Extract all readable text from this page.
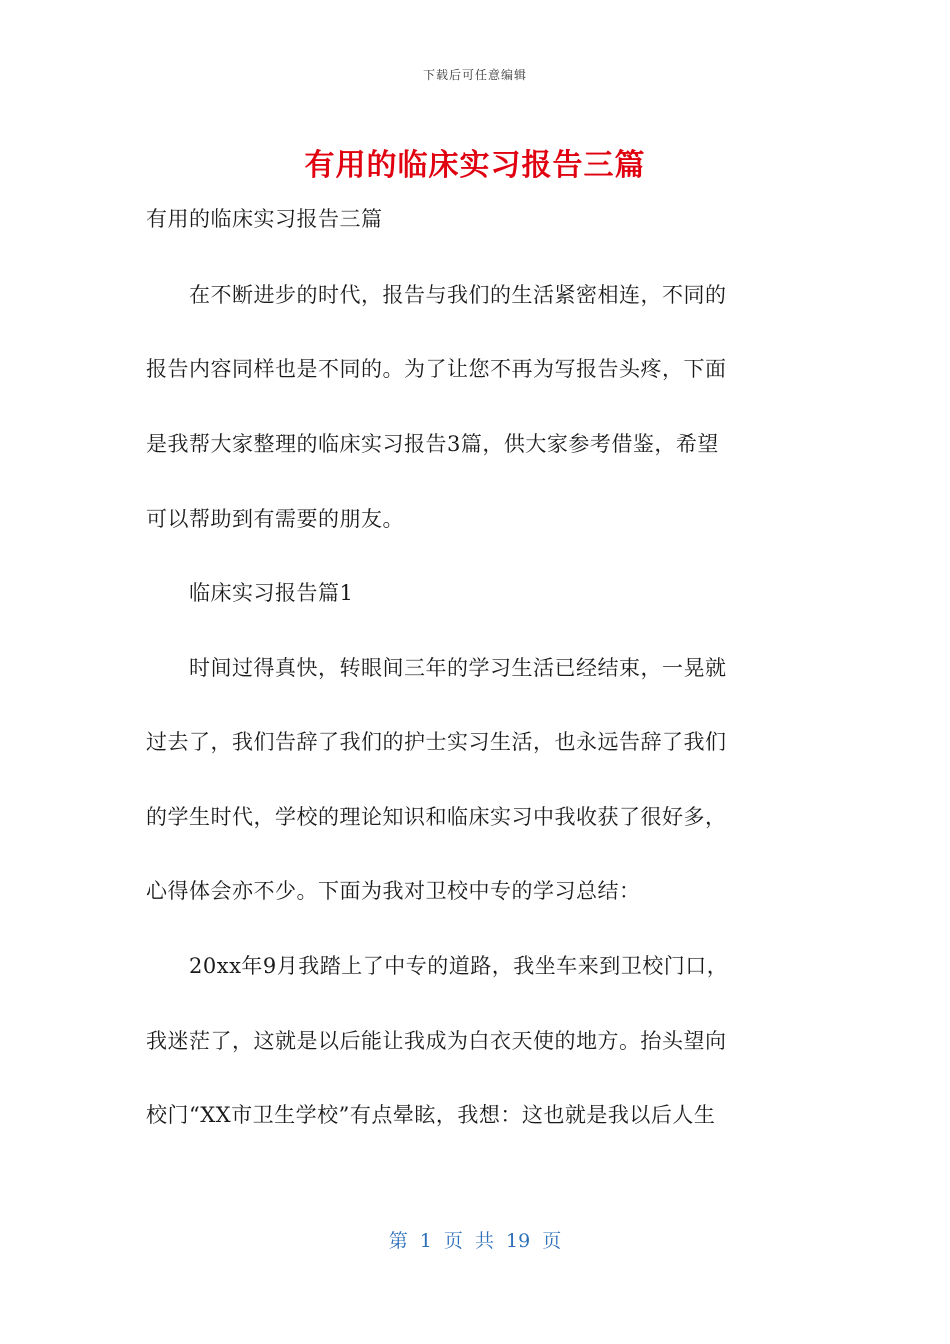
下载后可任意编辑
有用的临床实习报告三篇
有用的临床实习报告三篇
　　在不断进步的时代，报告与我们的生活紧密相连，不同的
报告内容同样也是不同的。为了让您不再为写报告头疼，下面
是我帮大家整理的临床实习报告3篇，供大家参考借鉴，希望
可以帮助到有需要的朋友。
　　临床实习报告篇1
　　时间过得真快，转眼间三年的学习生活已经结束，一晃就
过去了，我们告辞了我们的护士实习生活，也永远告辞了我们
的学生时代，学校的理论知识和临床实习中我收获了很好多，
心得体会亦不少。下面为我对卫校中专的学习总结：
　　20xx年9月我踏上了中专的道路，我坐车来到卫校门口，
我迷茫了，这就是以后能让我成为白衣天使的地方。抬头望向
校门“XX市卫生学校”有点晕眩，我想：这也就是我以后人生
第 1 页 共 19 页
